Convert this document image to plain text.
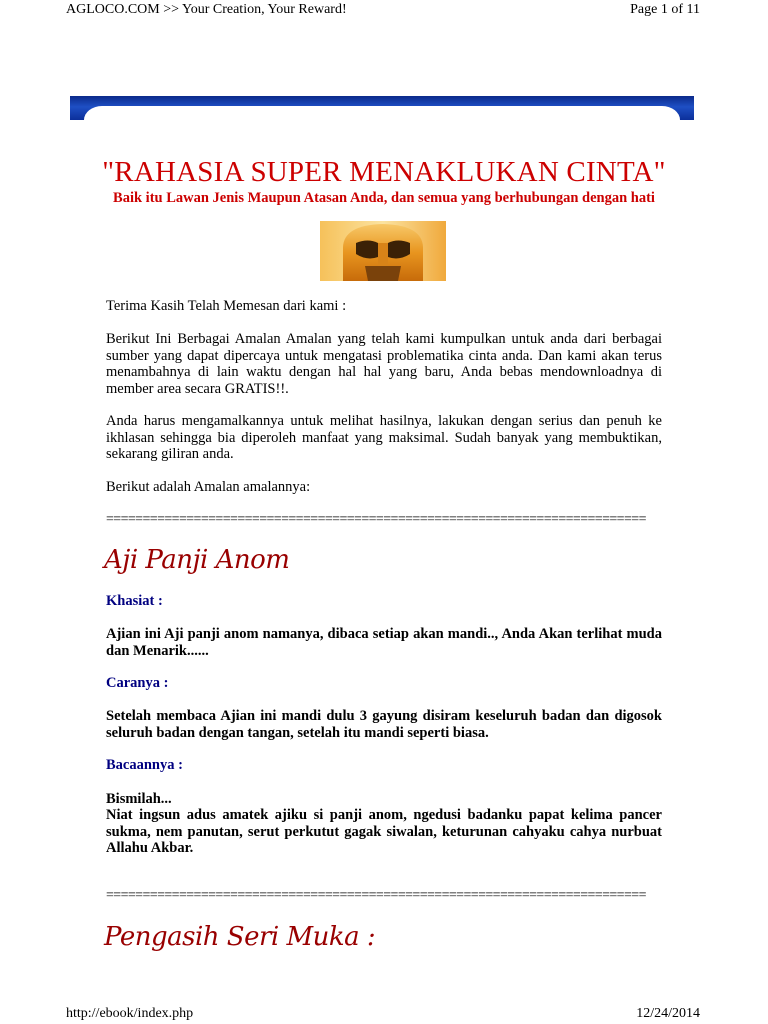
AGLOCO.COM >> Your Creation, Your Reward!	Page 1 of 11
"RAHASIA SUPER MENAKLUKAN CINTA"
Baik itu Lawan Jenis Maupun Atasan Anda, dan semua yang berhubungan dengan hati
Terima Kasih Telah Memesan dari kami :
Berikut Ini Berbagai Amalan Amalan yang telah kami kumpulkan untuk anda dari berbagai sumber yang dapat dipercaya untuk mengatasi problematika cinta anda. Dan kami akan terus menambahnya di lain waktu dengan hal hal yang baru, Anda bebas mendownloadnya di member area secara GRATIS!!.
Anda harus mengamalkannya untuk melihat hasilnya, lakukan dengan serius dan penuh ke ikhlasan sehingga bia diperoleh manfaat yang maksimal. Sudah banyak yang membuktikan, sekarang giliran anda.
Berikut adalah Amalan amalannya:
==========================================================================
Aji Panji Anom
Khasiat :
Ajian ini Aji panji anom namanya, dibaca setiap akan mandi.., Anda Akan terlihat muda dan Menarik......
Caranya :
Setelah membaca Ajian ini mandi dulu 3 gayung disiram keseluruh badan dan digosok seluruh badan dengan tangan, setelah itu mandi seperti biasa.
Bacaannya :
Bismilah...
Niat ingsun adus amatek ajiku si panji anom, ngedusi badanku papat kelima pancer sukma, nem panutan, serut perkutut gagak siwalan, keturunan cahyaku cahya nurbuat Allahu Akbar.
==========================================================================
Pengasih Seri Muka :
http://ebook/index.php	12/24/2014
